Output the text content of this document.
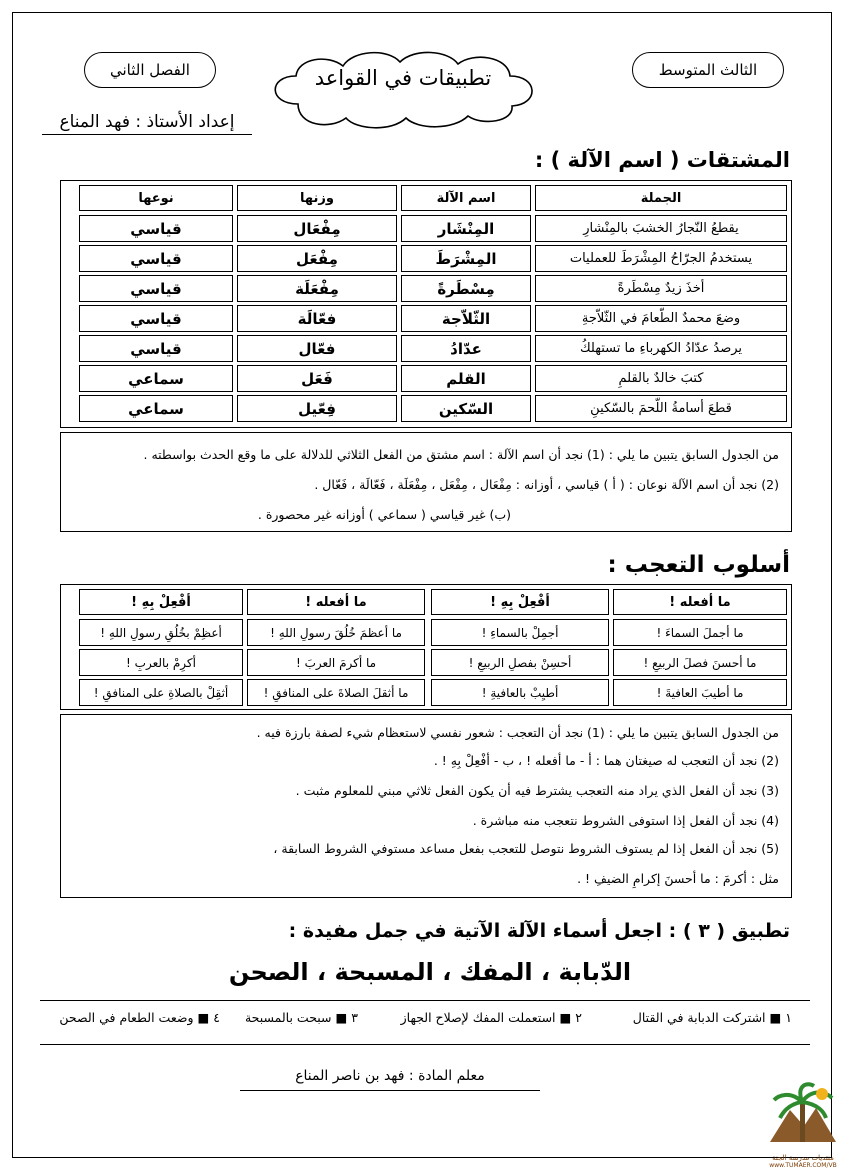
الثالث المتوسط
الفصل الثاني	تطبيقات في القواعد
إعداد الأستاذ : فهد المناع
المشتقات ( اسم الآلة ) :
الجملة
اسم الآلة
وزنها
نوعها
يقطعُ النّجارُ الخشبَ بالمِنْشارِ
المِنْشَار
مِفْعَال
قياسي
يستخدمُ الجرّاحُ المِشْرَطَ للعمليات
المِشْرَطَ
مِفْعَل
قياسي
أخذَ زيدٌ مِسْطَرةً
مِسْطَرةً
مِفْعَلَة
قياسي
وضعَ محمدٌ الطّعامَ في الثّلاّجةِ
الثّلاّجة
فعّالَة
قياسي
يرصدُ عدّادُ الكهرباءِ ما تستهلكُ
عدّادُ
فعّال
قياسي
كتبَ خالدٌ بالقلمِ
القلم
فَعَل
سماعي
قطعَ أسامةُ اللّحمَ بالسّكينِ
السّكين
فِعّيل
سماعي
من الجدول السابق يتبين ما يلي : (1) نجد أن اسم الآلة : اسم مشتق من الفعل الثلاثي للدلالة على ما وقع الحدث بواسطته .
(2) نجد أن اسم الآلة نوعان : ( أ ) قياسي ، أوزانه : مِفْعَال ، مِفْعَل ، مِفْعَلَة ، فَعّالَة ، فَعّال .
(ب) غير قياسي ( سماعي ) أوزانه غير محصورة .
أسلوب التعجب :
ما أفعله !
أفْعِلْ بِهِ !
ما أفعله !
أفْعِلْ بِهِ !
ما أجملَ السماءَ !
أجمِلْ بالسماءِ !
ما أعظمَ خُلُقَ رسولِ اللهِ !
أعظِمْ بخُلُقِ رسولِ اللهِ !
ما أحسنَ فصلَ الربيعِ !
أحسِنْ بفصلِ الربيعِ !
ما أكرمَ العربَ !
أكرِمْ بالعربِ !
ما أطيبَ العافيةَ !
أطيِبْ بالعافيةِ !
ما أثقلَ الصلاةَ على المنافقِ !
أثقِلْ بالصلاةِ على المنافقِ !
من الجدول السابق يتبين ما يلي : (1) نجد أن التعجب : شعور نفسي لاستعظام شيء لصفة بارزة فيه .
(2) نجد أن التعجب له صيغتان هما : أ - ما أفعله ! ، ب - أفْعِلْ بِهِ ! .
(3) نجد أن الفعل الذي يراد منه التعجب يشترط فيه أن يكون الفعل ثلاثي مبني للمعلوم مثبت .
(4) نجد أن الفعل إذا استوفى الشروط نتعجب منه مباشرة .
(5) نجد أن الفعل إذا لم يستوف الشروط نتوصل للتعجب بفعل مساعد مستوفي الشروط السابقة ،
مثل : أكرمَ : ما أحسنَ إكرامِ الضيفِ ! .
تطبيق ( ٣ ) : اجعل أسماء الآلة الآتية في جمل مفيدة :
الدّبابة ، المفك ، المسبحة ، الصحن
١ ■ اشتركت الدبابة في القتال
٢ ■ استعملت المفك لإصلاح الجهاز
٣ ■ سبحت بالمسبحة
٤ ■ وضعت الطعام في الصحن
معلم المادة : فهد بن ناصر المناع
منتديات مدرسة الجنة
www.TUMAER.COM/VB
